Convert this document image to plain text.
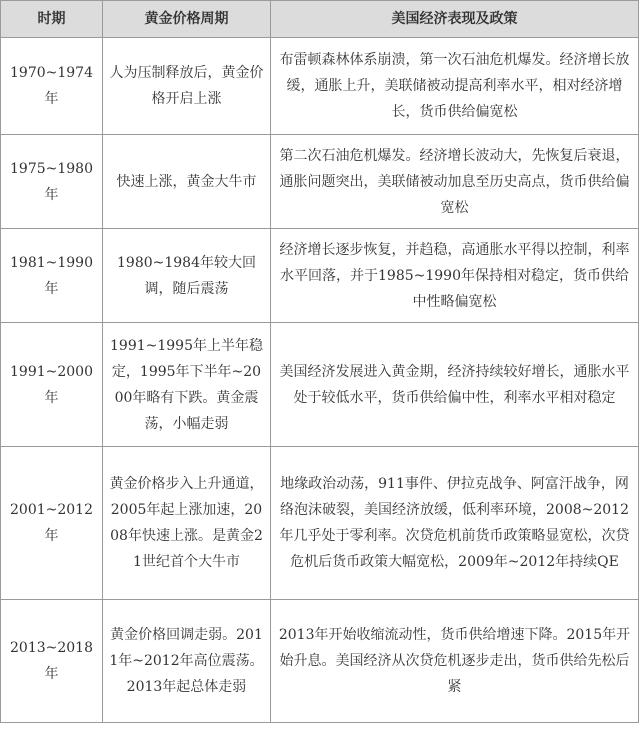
时期	黄金价格周期	美国经济表现及政策
1970~1974年	人为压制释放后，黄金价格开启上涨	布雷顿森林体系崩溃，第一次石油危机爆发。经济增长放缓，通胀上升，美联储被动提高利率水平，相对经济增长，货币供给偏宽松
1975~1980年	快速上涨，黄金大牛市	第二次石油危机爆发。经济增长波动大，先恢复后衰退，通胀问题突出，美联储被动加息至历史高点，货币供给偏宽松
1981~1990年	1980~1984年较大回调，随后震荡	经济增长逐步恢复，并趋稳，高通胀水平得以控制，利率水平回落，并于1985~1990年保持相对稳定，货币供给中性略偏宽松
1991~2000年	1991~1995年上半年稳定，1995年下半年~2000年略有下跌。黄金震荡，小幅走弱	美国经济发展进入黄金期，经济持续较好增长，通胀水平处于较低水平，货币供给偏中性，利率水平相对稳定
2001~2012年	黄金价格步入上升通道，2005年起上涨加速，2008年快速上涨。是黄金21世纪首个大牛市	地缘政治动荡，911事件、伊拉克战争、阿富汗战争，网络泡沫破裂，美国经济放缓，低利率环境，2008~2012年几乎处于零利率。次贷危机前货币政策略显宽松，次贷危机后货币政策大幅宽松，2009年~2012年持续QE
2013~2018年	黄金价格回调走弱。2011年~2012年高位震荡。2013年起总体走弱	2013年开始收缩流动性，货币供给增速下降。2015年开始升息。美国经济从次贷危机逐步走出，货币供给先松后紧
